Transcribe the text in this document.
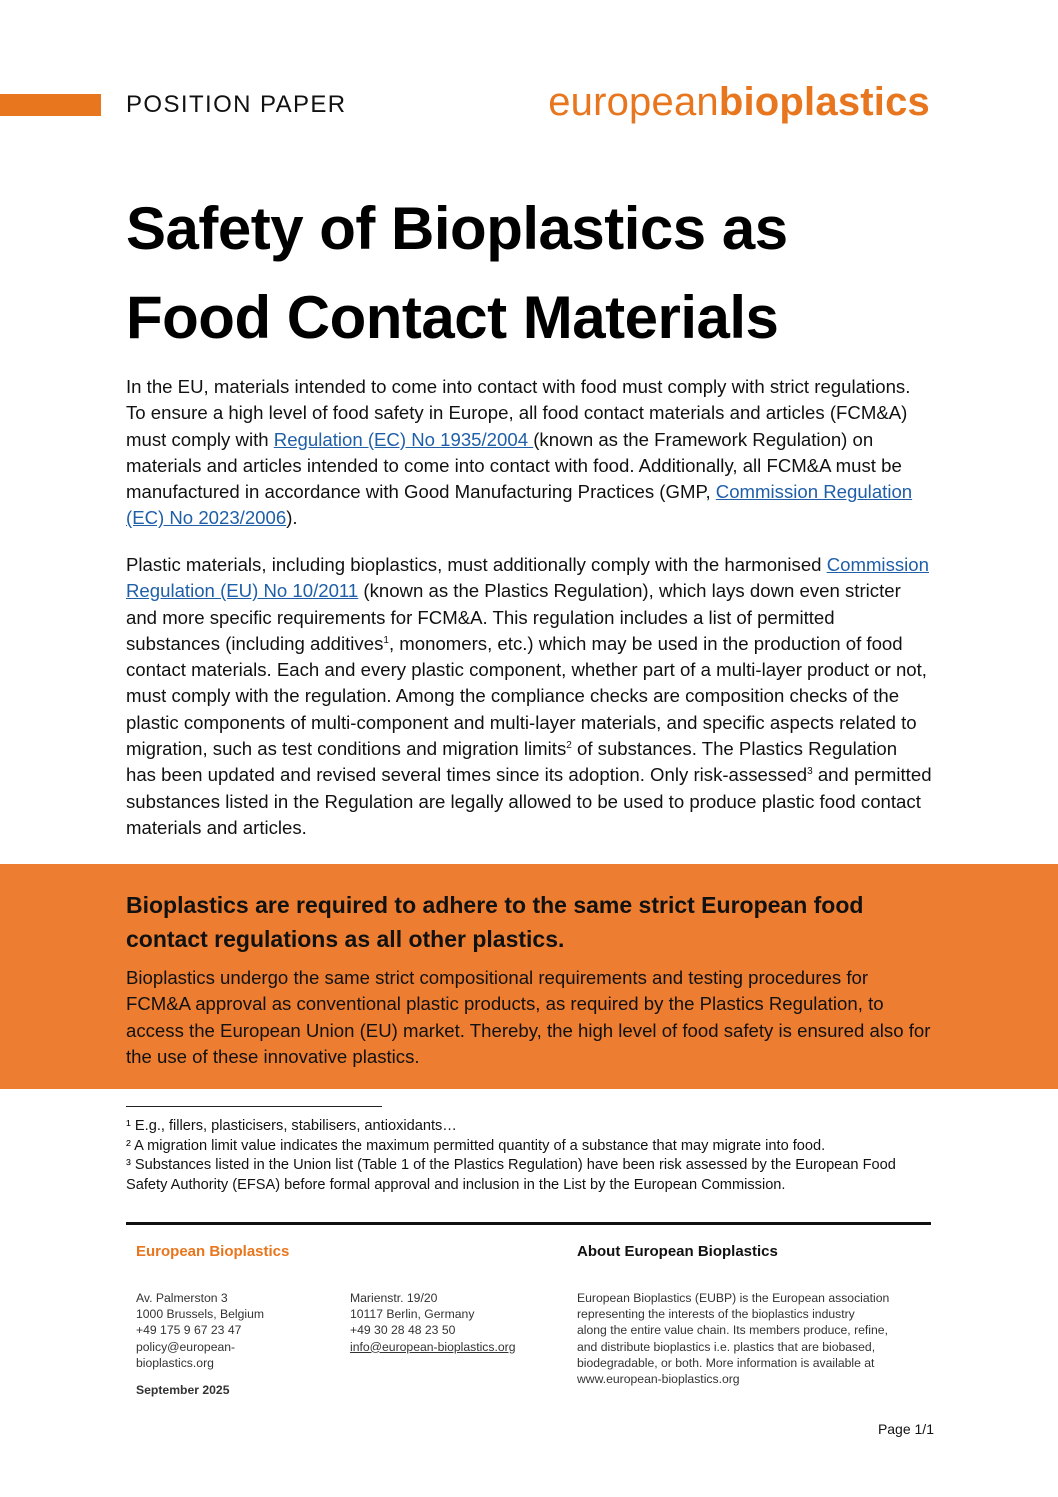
POSITION PAPER	europeanbioplastics
Safety of Bioplastics as
Food Contact Materials

In the EU, materials intended to come into contact with food must comply with strict regulations. To ensure a high level of food safety in Europe, all food contact materials and articles (FCM&A) must comply with Regulation (EC) No 1935/2004 (known as the Framework Regulation) on materials and articles intended to come into contact with food. Additionally, all FCM&A must be manufactured in accordance with Good Manufacturing Practices (GMP, Commission Regulation (EC) No 2023/2006).

Plastic materials, including bioplastics, must additionally comply with the harmonised Commission Regulation (EU) No 10/2011 (known as the Plastics Regulation), which lays down even stricter and more specific requirements for FCM&A. This regulation includes a list of permitted substances (including additives$^1$, monomers, etc.) which may be used in the production of food contact materials. Each and every plastic component, whether part of a multi-layer product or not, must comply with the regulation. Among the compliance checks are composition checks of the plastic components of multi-component and multi-layer materials, and specific aspects related to migration, such as test conditions and migration limits$^2$ of substances. The Plastics Regulation has been updated and revised several times since its adoption. Only risk-assessed$^3$ and permitted substances listed in the Regulation are legally allowed to be used to produce plastic food contact materials and articles.

Bioplastics are required to adhere to the same strict European food contact regulations as all other plastics.

Bioplastics undergo the same strict compositional requirements and testing procedures for FCM&A approval as conventional plastic products, as required by the Plastics Regulation, to access the European Union (EU) market. Thereby, the high level of food safety is ensured also for the use of these innovative plastics.

¹ E.g., fillers, plasticisers, stabilisers, antioxidants…

² A migration limit value indicates the maximum permitted quantity of a substance that may migrate into food.

³ Substances listed in the Union list (Table 1 of the Plastics Regulation) have been risk assessed by the European Food Safety Authority (EFSA) before formal approval and inclusion in the List by the European Commission.

European Bioplastics	About European Bioplastics
Av. Palmerston 3
1000 Brussels, Belgium
+49 175 9 67 23 47
policy@european-
bioplastics.org
Marienstr. 19/20
10117 Berlin, Germany
+49 30 28 48 23 50
info@european-bioplastics.org
European Bioplastics (EUBP) is the European association
representing the interests of the bioplastics industry
along the entire value chain. Its members produce, refine,
and distribute bioplastics i.e. plastics that are biobased,
biodegradable, or both. More information is available at
www.european-bioplastics.org
September 2025
Page 1/1
